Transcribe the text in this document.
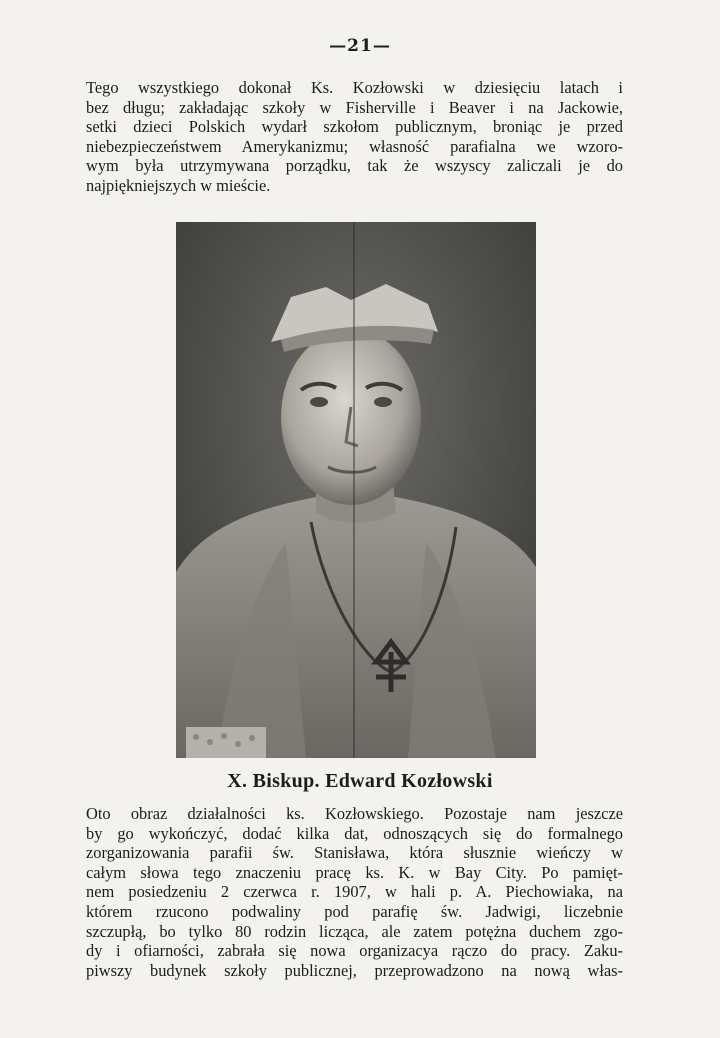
—21—
Tego wszystkiego dokonał Ks. Kozłowski w dziesięciu latach i
bez długu; zakładając szkoły w Fisherville i Beaver i na Jackowie,
setki dzieci Polskich wydarł szkołom publicznym, broniąc je przed
niebezpieczeństwem Amerykanizmu; własność parafialna we wzoro-
wym była utrzymywana porządku, tak że wszyscy zaliczali je do
najpiękniejszych w mieście.
X. Biskup. Edward Kozłowski
Oto obraz działalności ks. Kozłowskiego. Pozostaje nam jeszcze
by go wykończyć, dodać kilka dat, odnoszących się do formalnego
zorganizowania parafii św. Stanisława, która słusznie wieńczy w
całym słowa tego znaczeniu pracę ks. K. w Bay City. Po pamięt-
nem posiedzeniu 2 czerwca r. 1907, w hali p. A. Piechowiaka, na
którem rzucono podwaliny pod parafię św. Jadwigi, liczebnie
szczupłą, bo tylko 80 rodzin licząca, ale zatem potężna duchem zgo-
dy i ofiarności, zabrała się nowa organizacya rączo do pracy. Zaku-
piwszy budynek szkoły publicznej, przeprowadzono na nową włas-
